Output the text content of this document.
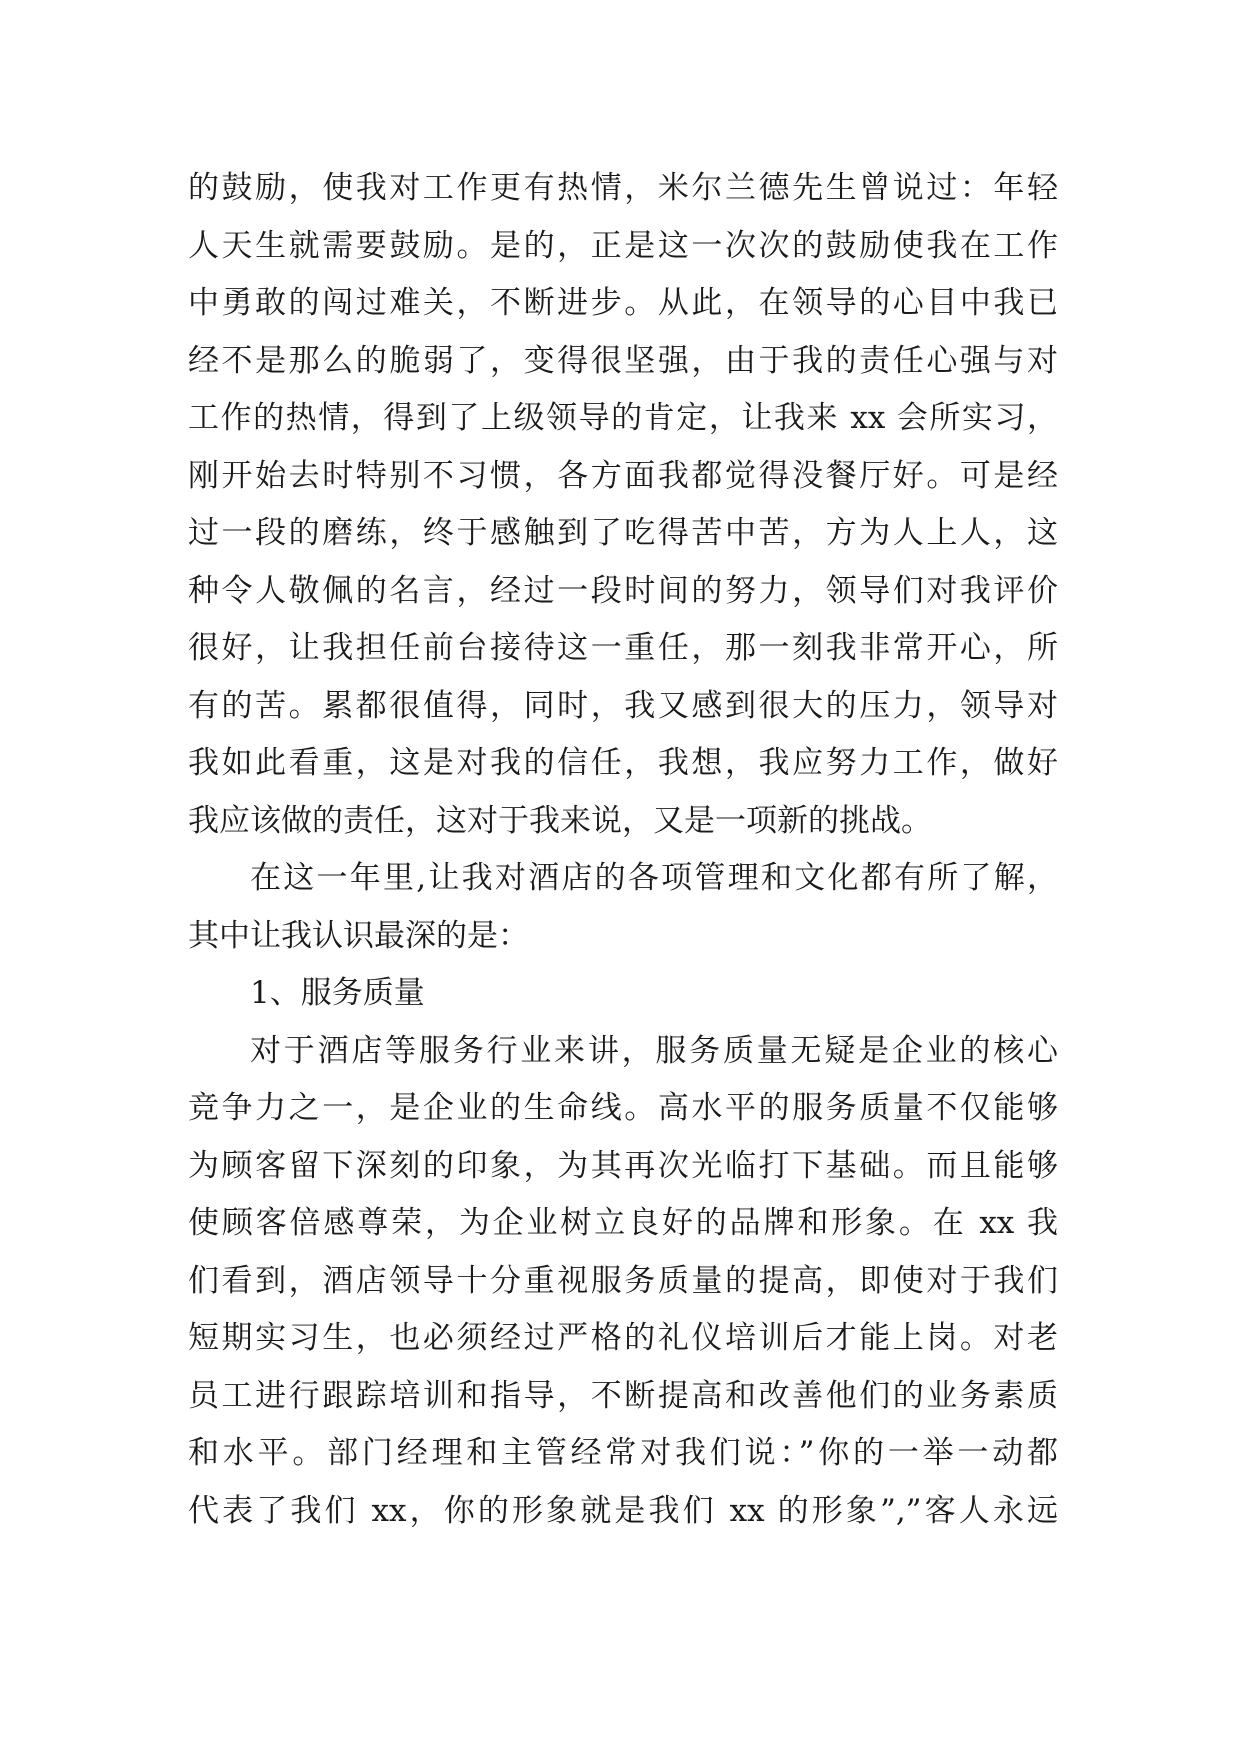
的鼓励，使我对工作更有热情，米尔兰德先生曾说过：年轻
人天生就需要鼓励。是的，正是这一次次的鼓励使我在工作
中勇敢的闯过难关，不断进步。从此，在领导的心目中我已
经不是那么的脆弱了，变得很坚强，由于我的责任心强与对
工作的热情，得到了上级领导的肯定，让我来 xx 会所实习，
刚开始去时特别不习惯，各方面我都觉得没餐厅好。可是经
过一段的磨练，终于感触到了吃得苦中苦，方为人上人，这
种令人敬佩的名言，经过一段时间的努力，领导们对我评价
很好，让我担任前台接待这一重任，那一刻我非常开心，所
有的苦。累都很值得，同时，我又感到很大的压力，领导对
我如此看重，这是对我的信任，我想，我应努力工作，做好
我应该做的责任，这对于我来说，又是一项新的挑战。
在这一年里,让我对酒店的各项管理和文化都有所了解，
其中让我认识最深的是：
1、服务质量
对于酒店等服务行业来讲，服务质量无疑是企业的核心
竞争力之一，是企业的生命线。高水平的服务质量不仅能够
为顾客留下深刻的印象，为其再次光临打下基础。而且能够
使顾客倍感尊荣，为企业树立良好的品牌和形象。在 xx 我
们看到，酒店领导十分重视服务质量的提高，即使对于我们
短期实习生，也必须经过严格的礼仪培训后才能上岗。对老
员工进行跟踪培训和指导，不断提高和改善他们的业务素质
和水平。部门经理和主管经常对我们说：”你的一举一动都
代表了我们 xx，你的形象就是我们 xx 的形象”,”客人永远
